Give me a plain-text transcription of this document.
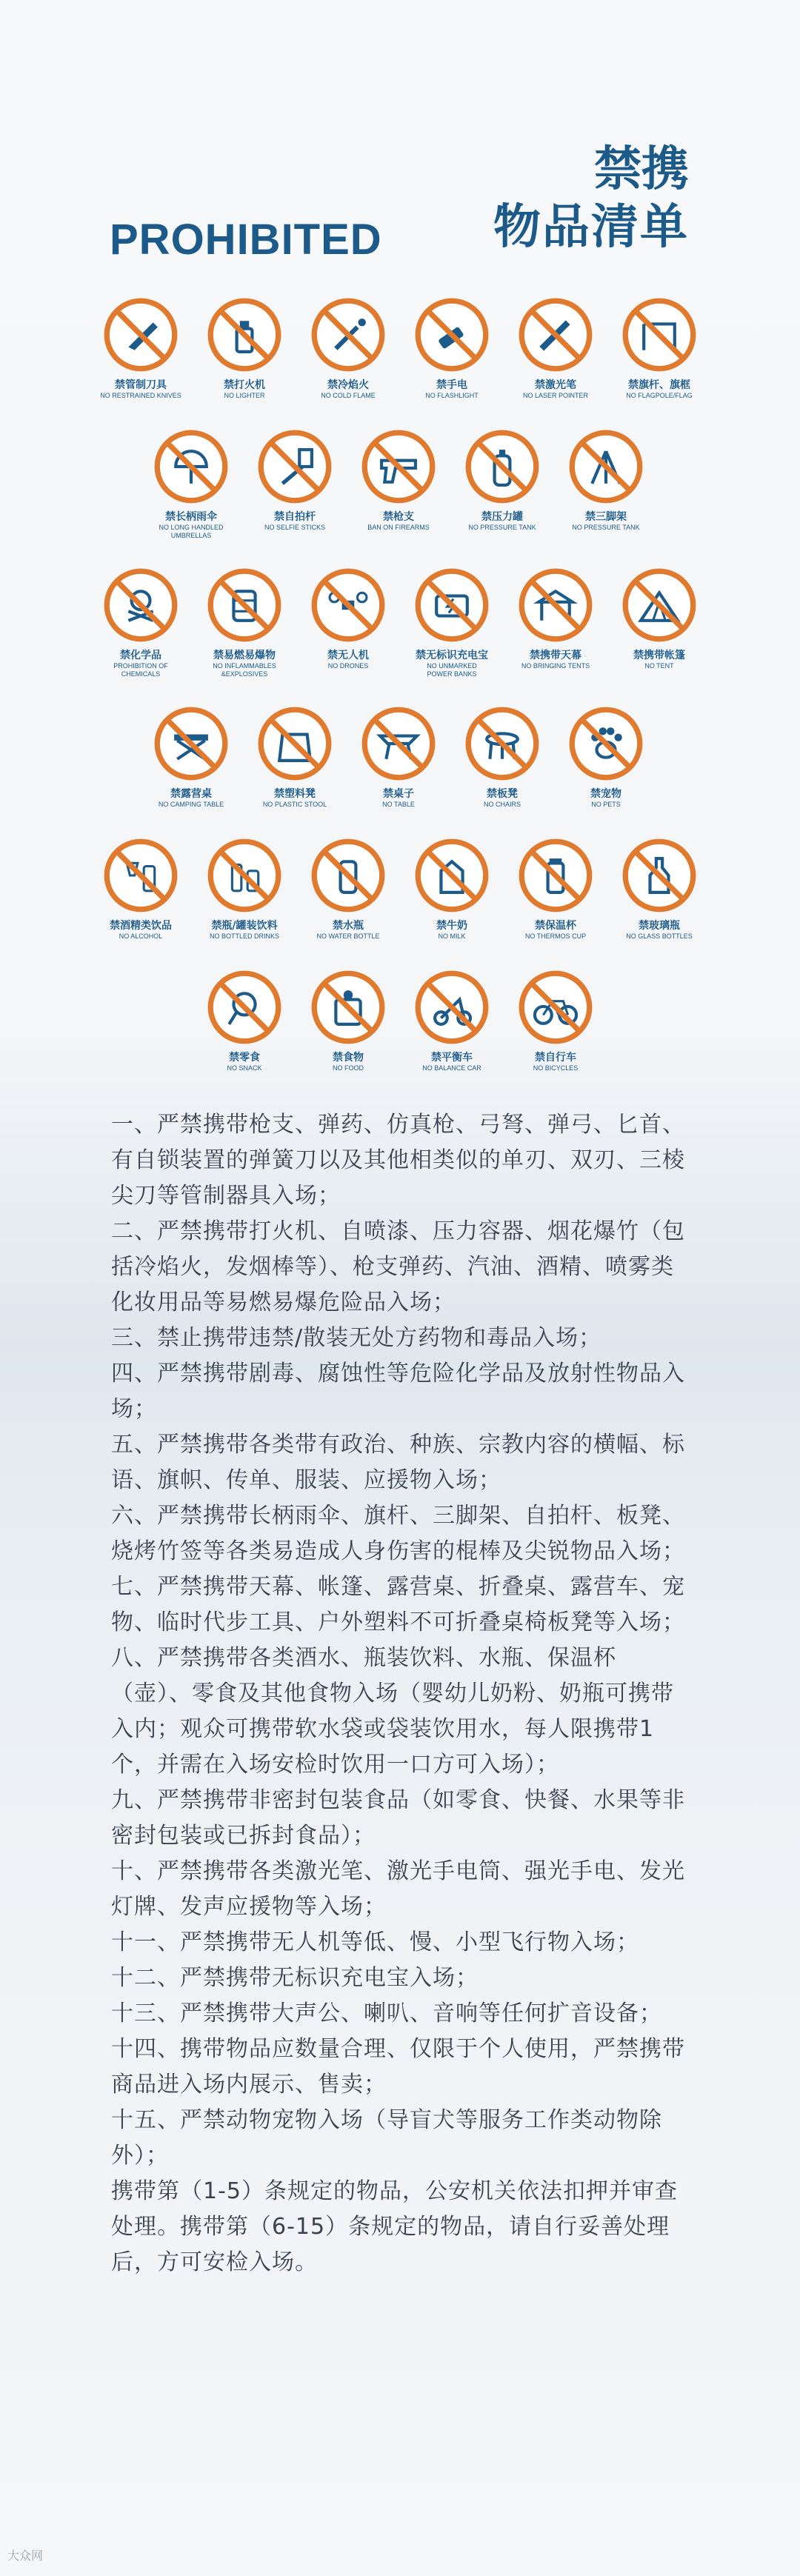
禁携
物品清单
PROHIBITED
禁管制刀具
NO RESTRAINED KNIVES
禁打火机
NO LIGHTER
禁冷焰火
NO COLD FLAME
禁手电
NO FLASHLIGHT
禁激光笔
NO LASER POINTER
禁旗杆、旗框
NO FLAGPOLE/FLAG
禁长柄雨伞
NO LONG HANDLED
UMBRELLAS
禁自拍杆
NO SELFIE STICKS
禁枪支
BAN ON FIREARMS
禁压力罐
NO PRESSURE TANK
禁三脚架
NO PRESSURE TANK
禁化学品
PROHIBITION OF
CHEMICALS
禁易燃易爆物
NO INFLAMMABLES
&EXPLOSIVES
禁无人机
NO DRONES
禁无标识充电宝
NO UNMARKED
POWER BANKS
禁携带天幕
NO BRINGING TENTS
禁携带帐篷
NO TENT
禁露营桌
NO CAMPING TABLE
禁塑料凳
NO PLASTIC STOOL
禁桌子
NO TABLE
禁板凳
NO CHAIRS
禁宠物
NO PETS
禁酒精类饮品
NO ALCOHOL
禁瓶/罐装饮料
NO BOTTLED DRINKS
禁水瓶
NO WATER BOTTLE
禁牛奶
NO MILK
禁保温杯
NO THERMOS CUP
禁玻璃瓶
NO GLASS BOTTLES
禁零食
NO SNACK
禁食物
NO FOOD
禁平衡车
NO BALANCE CAR
禁自行车
NO BICYCLES

一、严禁携带枪支、弹药、仿真枪、弓弩、弹弓、匕首、有自锁装置的弹簧刀以及其他相类似的单刃、双刃、三棱尖刀等管制器具入场；

二、严禁携带打火机、自喷漆、压力容器、烟花爆竹（包括冷焰火，发烟棒等）、枪支弹药、汽油、酒精、喷雾类化妆用品等易燃易爆危险品入场；

三、禁止携带违禁/散装无处方药物和毒品入场；

四、严禁携带剧毒、腐蚀性等危险化学品及放射性物品入场；

五、严禁携带各类带有政治、种族、宗教内容的横幅、标语、旗帜、传单、服装、应援物入场；

六、严禁携带长柄雨伞、旗杆、三脚架、自拍杆、板凳、烧烤竹签等各类易造成人身伤害的棍棒及尖锐物品入场；

七、严禁携带天幕、帐篷、露营桌、折叠桌、露营车、宠物、临时代步工具、户外塑料不可折叠桌椅板凳等入场；

八、严禁携带各类酒水、瓶装饮料、水瓶、保温杯（壶）、零食及其他食物入场（婴幼儿奶粉、奶瓶可携带入内；观众可携带软水袋或袋装饮用水，每人限携带1个，并需在入场安检时饮用一口方可入场）；

九、严禁携带非密封包装食品（如零食、快餐、水果等非密封包装或已拆封食品）；

十、严禁携带各类激光笔、激光手电筒、强光手电、发光灯牌、发声应援物等入场；

十一、严禁携带无人机等低、慢、小型飞行物入场；

十二、严禁携带无标识充电宝入场；

十三、严禁携带大声公、喇叭、音响等任何扩音设备；

十四、携带物品应数量合理、仅限于个人使用，严禁携带商品进入场内展示、售卖；

十五、严禁动物宠物入场（导盲犬等服务工作类动物除外）；

携带第（1-5）条规定的物品，公安机关依法扣押并审查处理。携带第（6-15）条规定的物品，请自行妥善处理后，方可安检入场。

大众网
